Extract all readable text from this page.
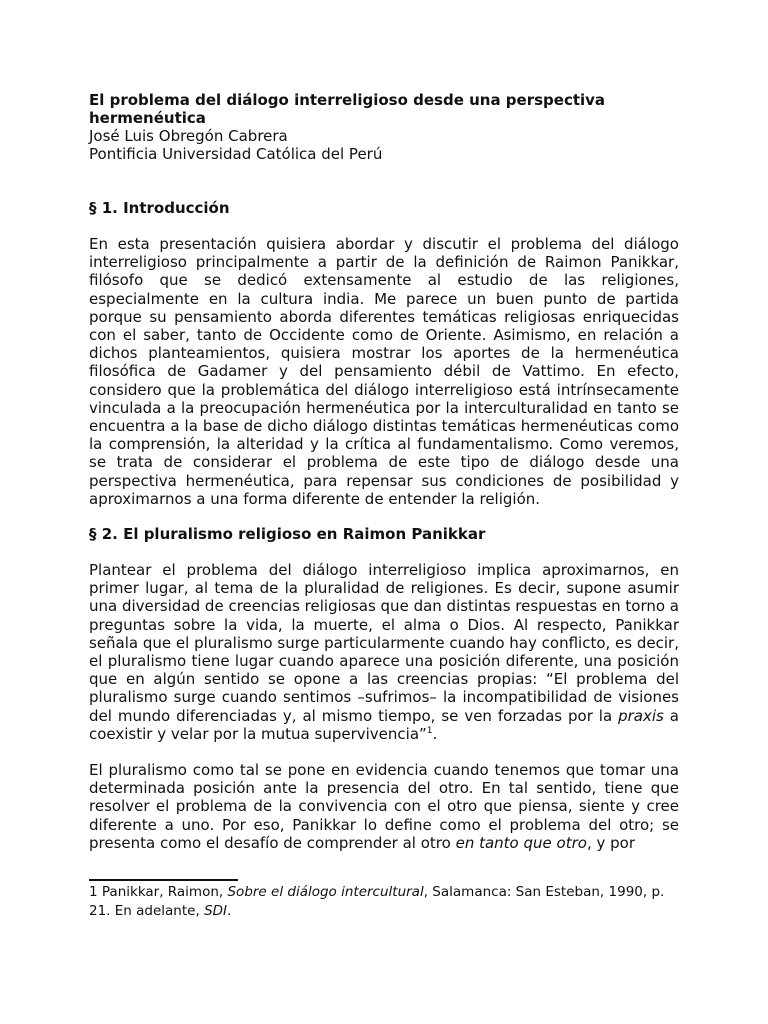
El problema del diálogo interreligioso desde una perspectiva hermenéutica
José Luis Obregón Cabrera
Pontificia Universidad Católica del Perú
§ 1. Introducción

En esta presentación quisiera abordar y discutir el problema del diálogo interreligioso principalmente a partir de la definición de Raimon Panikkar, filósofo que se dedicó extensamente al estudio de las religiones, especialmente en la cultura india. Me parece un buen punto de partida porque su pensamiento aborda diferentes temáticas religiosas enriquecidas con el saber, tanto de Occidente como de Oriente. Asimismo, en relación a dichos planteamientos, quisiera mostrar los aportes de la hermenéutica filosófica de Gadamer y del pensamiento débil de Vattimo. En efecto, considero que la problemática del diálogo interreligioso está intrínsecamente vinculada a la preocupación hermenéutica por la interculturalidad en tanto se encuentra a la base de dicho diálogo distintas temáticas hermenéuticas como la comprensión, la alteridad y la crítica al fundamentalismo. Como veremos, se trata de considerar el problema de este tipo de diálogo desde una perspectiva hermenéutica, para repensar sus condiciones de posibilidad y aproximarnos a una forma diferente de entender la religión.

§ 2. El pluralismo religioso en Raimon Panikkar

Plantear el problema del diálogo interreligioso implica aproximarnos, en primer lugar, al tema de la pluralidad de religiones. Es decir, supone asumir una diversidad de creencias religiosas que dan distintas respuestas en torno a preguntas sobre la vida, la muerte, el alma o Dios. Al respecto, Panikkar señala que el pluralismo surge particularmente cuando hay conflicto, es decir, el pluralismo tiene lugar cuando aparece una posición diferente, una posición que en algún sentido se opone a las creencias propias: “El problema del pluralismo surge cuando sentimos –sufrimos– la incompatibilidad de visiones del mundo diferenciadas y, al mismo tiempo, se ven forzadas por la praxis a coexistir y velar por la mutua supervivencia”$^1$.

El pluralismo como tal se pone en evidencia cuando tenemos que tomar una determinada posición ante la presencia del otro. En tal sentido, tiene que resolver el problema de la convivencia con el otro que piensa, siente y cree diferente a uno. Por eso, Panikkar lo define como el problema del otro; se presenta como el desafío de comprender al otro en tanto que otro, y por

1 Panikkar, Raimon, Sobre el diálogo intercultural, Salamanca: San Esteban, 1990, p. 21. En adelante, SDI.
